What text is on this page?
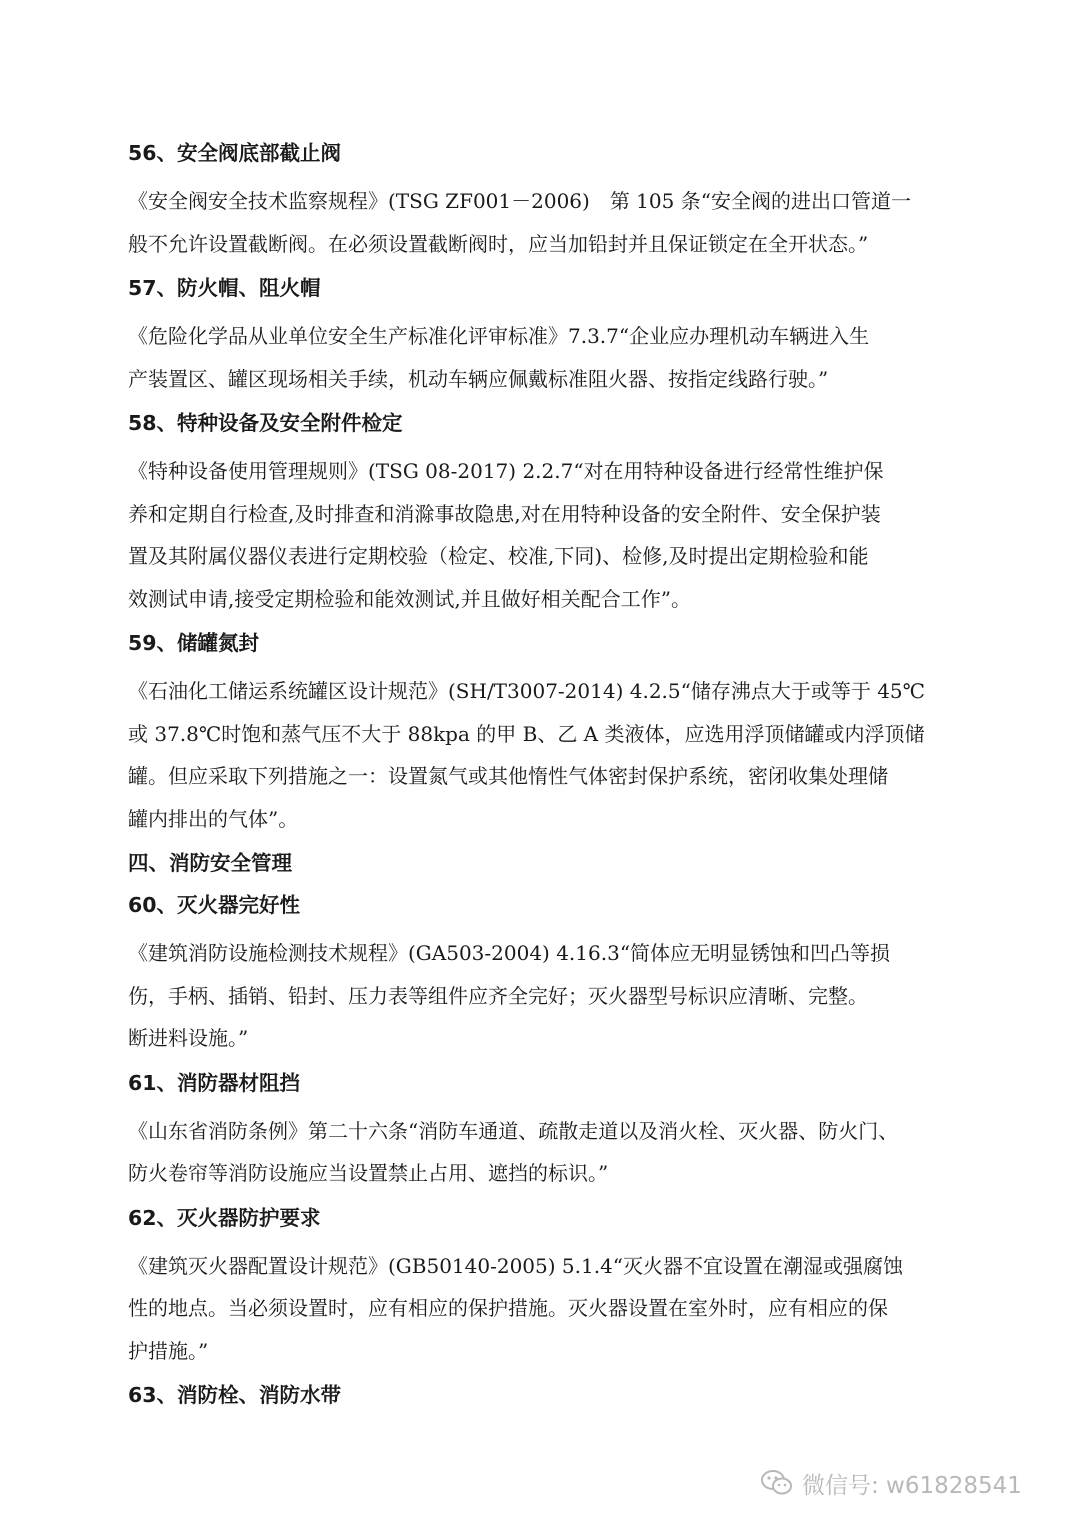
56、安全阀底部截止阀
《安全阀安全技术监察规程》(TSG ZF001－2006)　第 105 条“安全阀的进出口管道一
般不允许设置截断阀。在必须设置截断阀时，应当加铅封并且保证锁定在全开状态。”
57、防火帽、阻火帽
《危险化学品从业单位安全生产标准化评审标准》7.3.7“企业应办理机动车辆进入生
产装置区、罐区现场相关手续，机动车辆应佩戴标准阻火器、按指定线路行驶。”
58、特种设备及安全附件检定
《特种设备使用管理规则》(TSG 08-2017) 2.2.7“对在用特种设备进行经常性维护保
养和定期自行检查,及时排查和消滁事故隐患,对在用特种设备的安全附件、安全保护装
置及其附属仪器仪表进行定期校验（检定、校准,下同)、检修,及时提出定期检验和能
效测试申请,接受定期检验和能效测试,并且做好相关配合工作”。
59、储罐氮封
《石油化工储运系统罐区设计规范》(SH/T3007-2014) 4.2.5“储存沸点大于或等于 45℃
或 37.8℃时饱和蒸气压不大于 88kpa 的甲 B、乙 A 类液体，应选用浮顶储罐或内浮顶储
罐。但应采取下列措施之一：设置氮气或其他惰性气体密封保护系统，密闭收集处理储
罐内排出的气体”。
四、消防安全管理
60、灭火器完好性
《建筑消防设施检测技术规程》(GA503-2004) 4.16.3“简体应无明显锈蚀和凹凸等损
伤，手柄、插销、铅封、压力表等组件应齐全完好；灭火器型号标识应清晰、完整。
断进料设施。”
61、消防器材阻挡
《山东省消防条例》第二十六条“消防车通道、疏散走道以及消火栓、灭火器、防火门、
防火卷帘等消防设施应当设置禁止占用、遮挡的标识。”
62、灭火器防护要求
《建筑灭火器配置设计规范》(GB50140-2005) 5.1.4“灭火器不宜设置在潮湿或强腐蚀
性的地点。当必须设置时，应有相应的保护措施。灭火器设置在室外时，应有相应的保
护措施。”
63、消防栓、消防水带
微信号: w61828541
